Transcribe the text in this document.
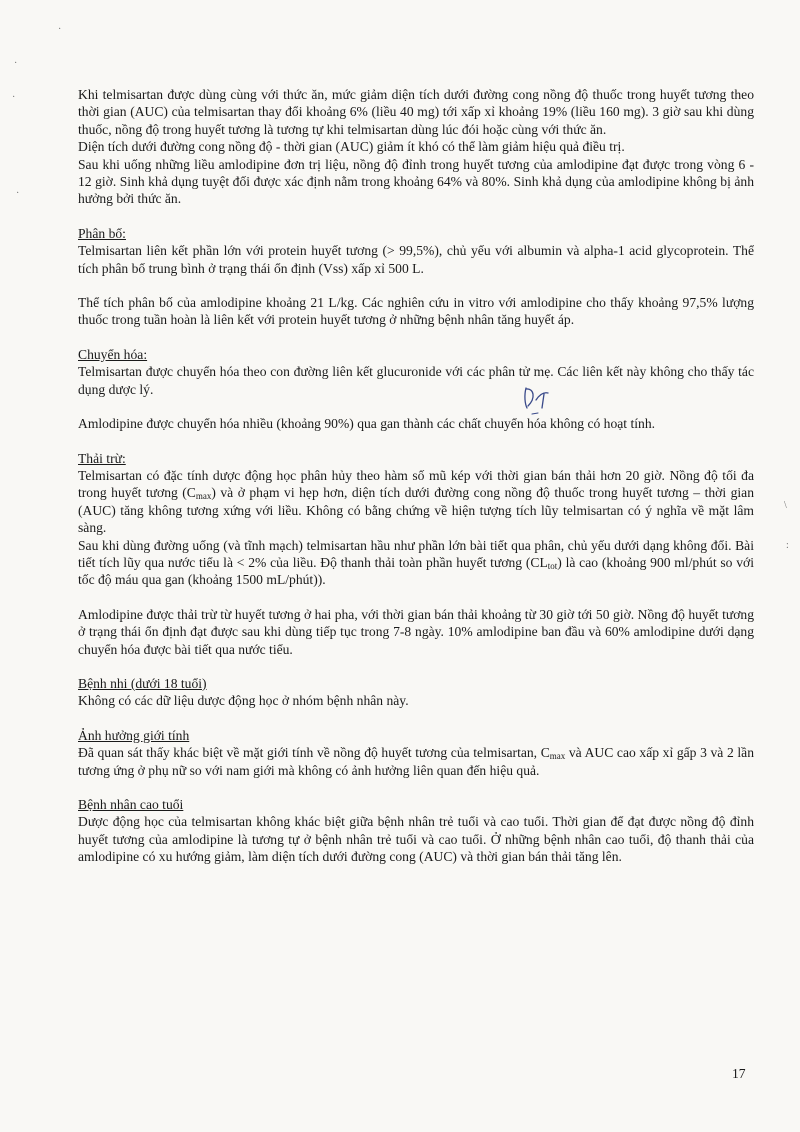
Khi telmisartan được dùng cùng với thức ăn, mức giảm diện tích dưới đường cong nồng độ thuốc trong huyết tương theo thời gian (AUC) của telmisartan thay đổi khoảng 6% (liều 40 mg) tới xấp xỉ khoảng 19% (liều 160 mg). 3 giờ sau khi dùng thuốc, nồng độ trong huyết tương là tương tự khi telmisartan dùng lúc đói hoặc cùng với thức ăn.

Diện tích dưới đường cong nồng độ - thời gian (AUC) giảm ít khó có thể làm giảm hiệu quả điều trị.

Sau khi uống những liều amlodipine đơn trị liệu, nồng độ đỉnh trong huyết tương của amlodipine đạt được trong vòng 6 - 12 giờ. Sinh khả dụng tuyệt đối được xác định nằm trong khoảng 64% và 80%. Sinh khả dụng của amlodipine không bị ảnh hưởng bởi thức ăn.

Phân bố:

Telmisartan liên kết phần lớn với protein huyết tương (> 99,5%), chủ yếu với albumin và alpha-1 acid glycoprotein. Thể tích phân bố trung bình ở trạng thái ổn định (Vss) xấp xỉ 500 L.

Thể tích phân bố của amlodipine khoảng 21 L/kg. Các nghiên cứu in vitro với amlodipine cho thấy khoảng 97,5% lượng thuốc trong tuần hoàn là liên kết với protein huyết tương ở những bệnh nhân tăng huyết áp.

Chuyển hóa:

Telmisartan được chuyển hóa theo con đường liên kết glucuronide với các phân tử mẹ. Các liên kết này không cho thấy tác dụng dược lý.

Amlodipine được chuyển hóa nhiều (khoảng 90%) qua gan thành các chất chuyển hóa không có hoạt tính.

Thải trừ:

Telmisartan có đặc tính dược động học phân hủy theo hàm số mũ kép với thời gian bán thải hơn 20 giờ. Nồng độ tối đa trong huyết tương $(C_{max})$ và ở phạm vi hẹp hơn, diện tích dưới đường cong nồng độ thuốc trong huyết tương – thời gian (AUC) tăng không tương xứng với liều. Không có bằng chứng về hiện tượng tích lũy telmisartan có ý nghĩa về mặt lâm sàng.

Sau khi dùng đường uống (và tĩnh mạch) telmisartan hầu như phần lớn bài tiết qua phân, chủ yếu dưới dạng không đổi. Bài tiết tích lũy qua nước tiểu là < 2% của liều. Độ thanh thải toàn phần huyết tương $(CL_{tot})$ là cao (khoảng 900 ml/phút so với tốc độ máu qua gan (khoảng 1500 mL/phút)).

Amlodipine được thải trừ từ huyết tương ở hai pha, với thời gian bán thải khoảng từ 30 giờ tới 50 giờ. Nồng độ huyết tương ở trạng thái ổn định đạt được sau khi dùng tiếp tục trong 7-8 ngày. 10% amlodipine ban đầu và 60% amlodipine dưới dạng chuyển hóa được bài tiết qua nước tiểu.

Bệnh nhi (dưới 18 tuổi)

Không có các dữ liệu dược động học ở nhóm bệnh nhân này.

Ảnh hưởng giới tính

Đã quan sát thấy khác biệt về mặt giới tính về nồng độ huyết tương của telmisartan, $C_{max}$ và AUC cao xấp xỉ gấp 3 và 2 lần tương ứng ở phụ nữ so với nam giới mà không có ảnh hưởng liên quan đến hiệu quả.

Bệnh nhân cao tuổi

Dược động học của telmisartan không khác biệt giữa bệnh nhân trẻ tuổi và cao tuổi. Thời gian để đạt được nồng độ đỉnh huyết tương của amlodipine là tương tự ở bệnh nhân trẻ tuổi và cao tuổi. Ở những bệnh nhân cao tuổi, độ thanh thải của amlodipine có xu hướng giảm, làm diện tích dưới đường cong (AUC) và thời gian bán thải tăng lên.

17
·
·
·
·
\
:
